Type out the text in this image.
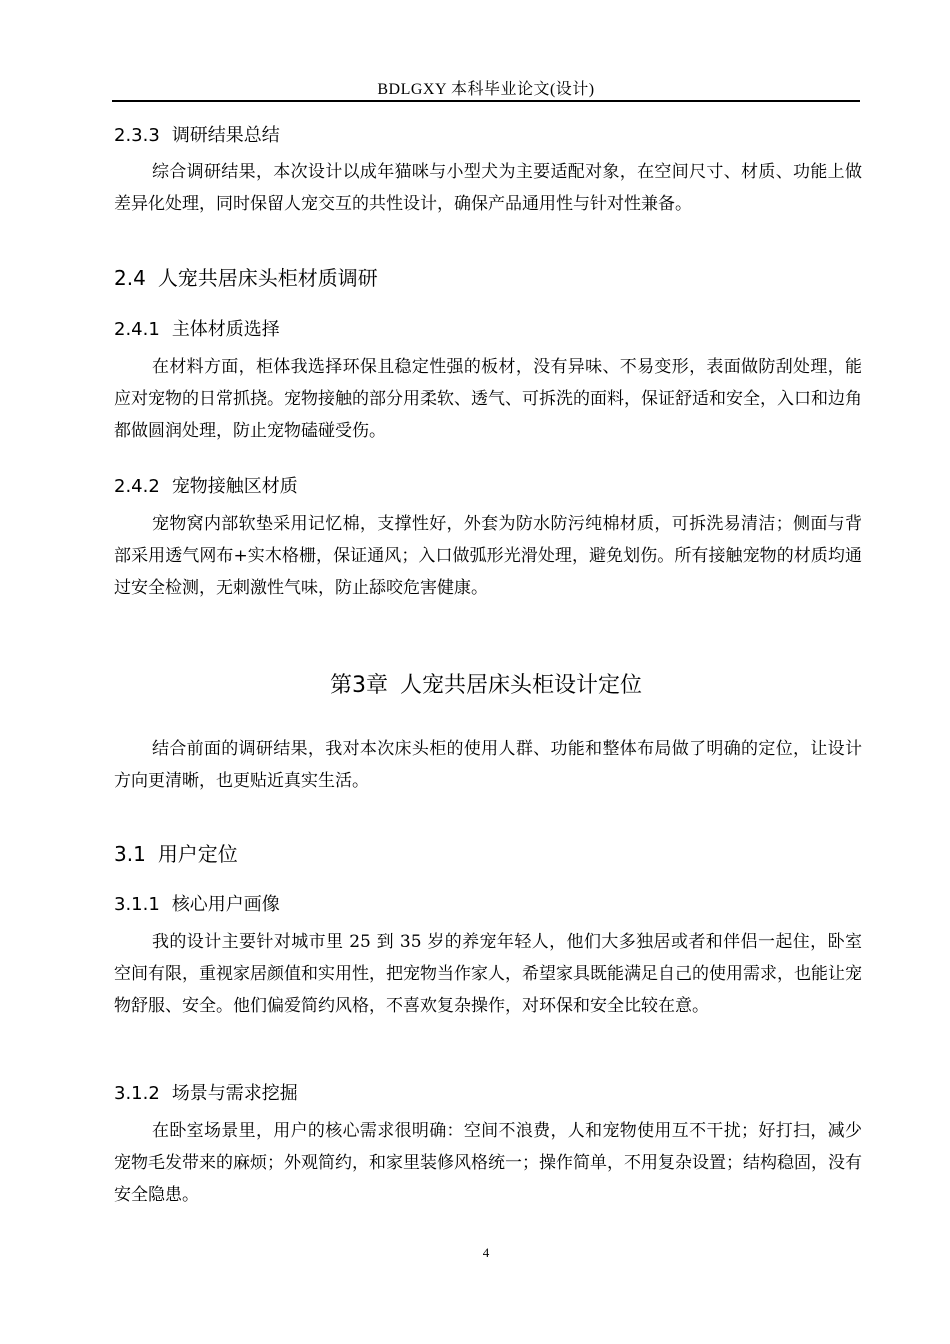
BDLGXY 本科毕业论文(设计)
2.3.3 调研结果总结
综合调研结果，本次设计以成年猫咪与小型犬为主要适配对象，在空间尺寸、材质、功能上做差异化处理，同时保留人宠交互的共性设计，确保产品通用性与针对性兼备。
2.4 人宠共居床头柜材质调研
2.4.1 主体材质选择
在材料方面，柜体我选择环保且稳定性强的板材，没有异味、不易变形，表面做防刮处理，能应对宠物的日常抓挠。宠物接触的部分用柔软、透气、可拆洗的面料，保证舒适和安全，入口和边角都做圆润处理，防止宠物磕碰受伤。
2.4.2 宠物接触区材质
宠物窝内部软垫采用记忆棉，支撑性好，外套为防水防污纯棉材质，可拆洗易清洁；侧面与背部采用透气网布+实木格栅，保证通风；入口做弧形光滑处理，避免划伤。所有接触宠物的材质均通过安全检测，无刺激性气味，防止舔咬危害健康。
第3章 人宠共居床头柜设计定位
结合前面的调研结果，我对本次床头柜的使用人群、功能和整体布局做了明确的定位，让设计方向更清晰，也更贴近真实生活。
3.1 用户定位
3.1.1 核心用户画像
我的设计主要针对城市里 25 到 35 岁的养宠年轻人，他们大多独居或者和伴侣一起住，卧室空间有限，重视家居颜值和实用性，把宠物当作家人，希望家具既能满足自己的使用需求，也能让宠物舒服、安全。他们偏爱简约风格，不喜欢复杂操作，对环保和安全比较在意。
3.1.2 场景与需求挖掘
在卧室场景里，用户的核心需求很明确：空间不浪费，人和宠物使用互不干扰；好打扫，减少宠物毛发带来的麻烦；外观简约，和家里装修风格统一；操作简单，不用复杂设置；结构稳固，没有安全隐患。
4
